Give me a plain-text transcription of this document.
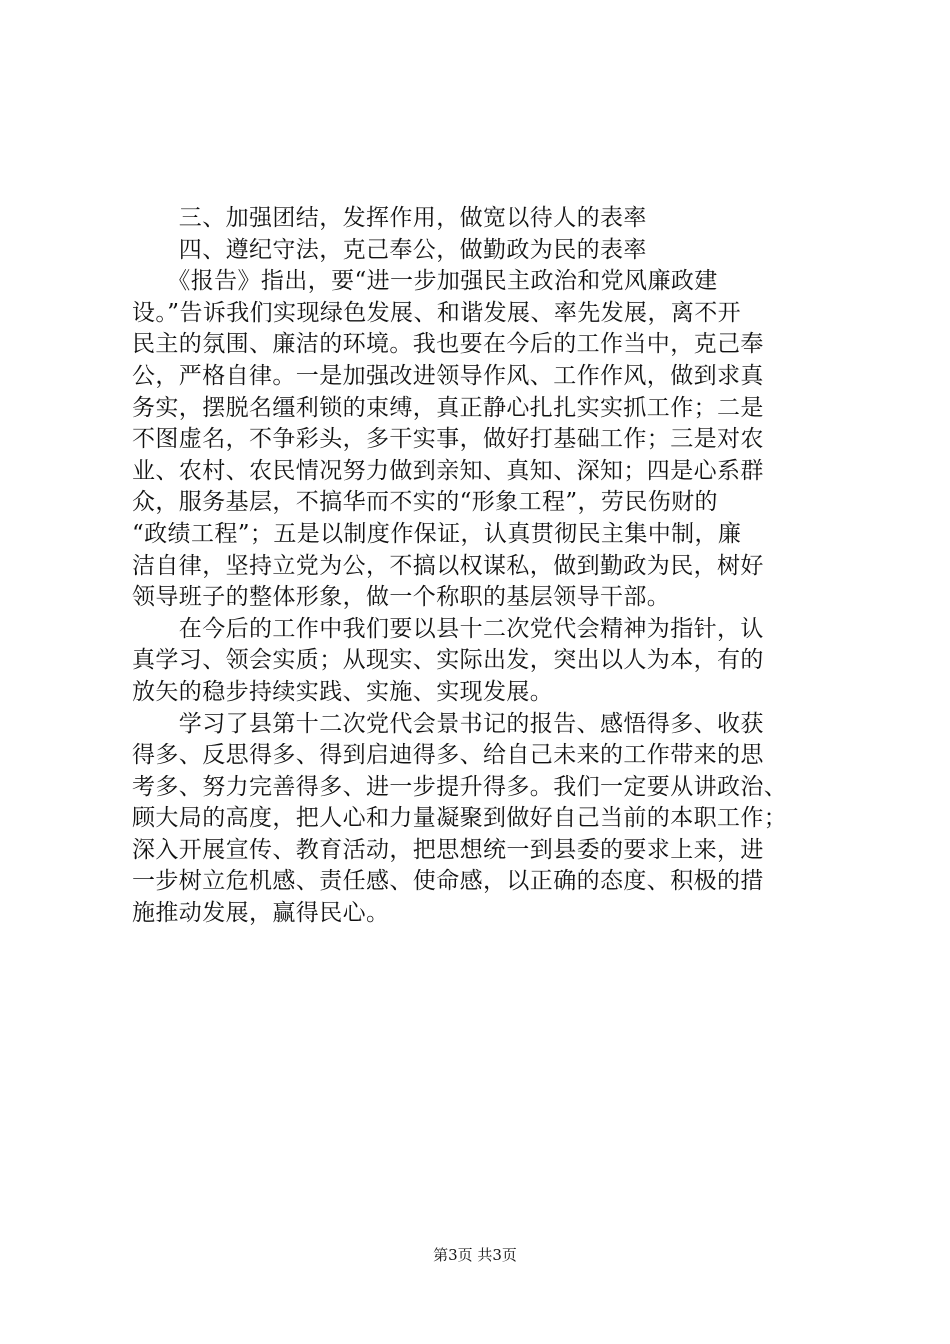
　　三、加强团结，发挥作用，做宽以待人的表率
　　四、遵纪守法，克己奉公，做勤政为民的表率
　　《报告》指出，要“进一步加强民主政治和党风廉政建
设。”告诉我们实现绿色发展、和谐发展、率先发展，离不开
民主的氛围、廉洁的环境。我也要在今后的工作当中，克己奉
公，严格自律。一是加强改进领导作风、工作作风，做到求真
务实，摆脱名缰利锁的束缚，真正静心扎扎实实抓工作；二是
不图虚名，不争彩头，多干实事，做好打基础工作；三是对农
业、农村、农民情况努力做到亲知、真知、深知；四是心系群
众，服务基层，不搞华而不实的“形象工程”，劳民伤财的
“政绩工程”；五是以制度作保证，认真贯彻民主集中制，廉
洁自律，坚持立党为公，不搞以权谋私，做到勤政为民，树好
领导班子的整体形象，做一个称职的基层领导干部。
　　在今后的工作中我们要以县十二次党代会精神为指针，认
真学习、领会实质；从现实、实际出发，突出以人为本，有的
放矢的稳步持续实践、实施、实现发展。
　　学习了县第十二次党代会景书记的报告、感悟得多、收获
得多、反思得多、得到启迪得多、给自己未来的工作带来的思
考多、努力完善得多、进一步提升得多。我们一定要从讲政治、
顾大局的高度，把人心和力量凝聚到做好自己当前的本职工作；
深入开展宣传、教育活动，把思想统一到县委的要求上来，进
一步树立危机感、责任感、使命感，以正确的态度、积极的措
施推动发展，赢得民心。
第3页 共3页
